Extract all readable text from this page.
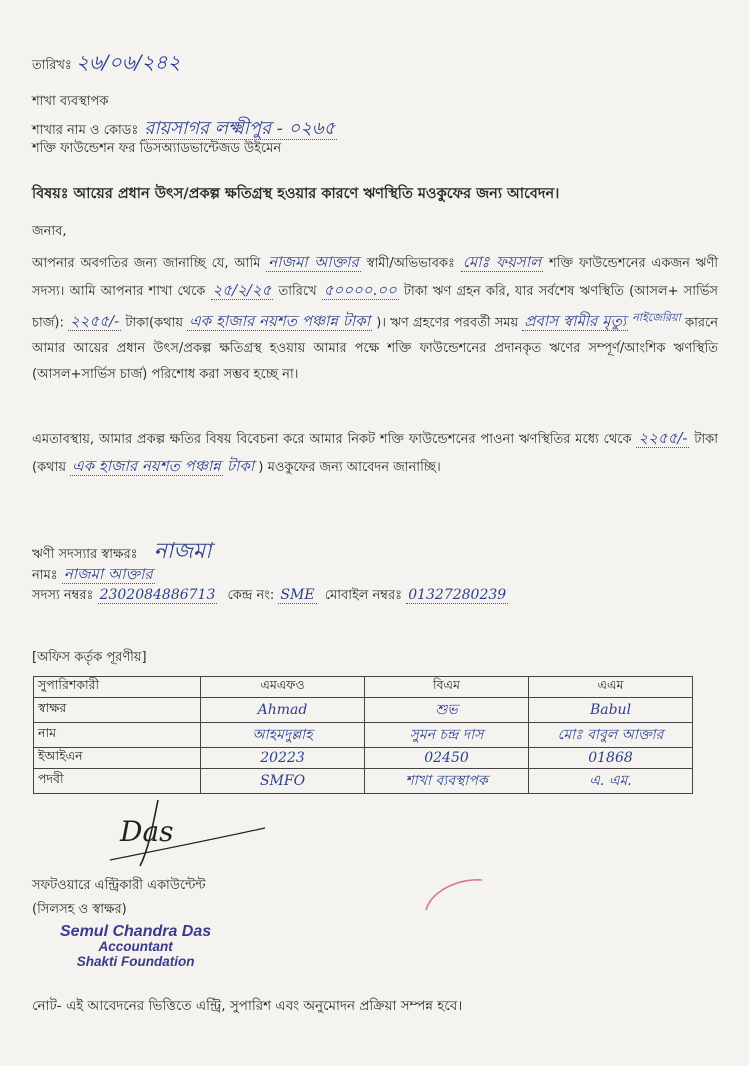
তারিখঃ ২৬/০৬/২৪২
শাখা ব্যবস্থাপক
শাখার নাম ও কোডঃ রায়সাগর লক্ষ্মীপুর - ০২৬৫
শক্তি ফাউন্ডেশন ফর ডিসঅ্যাডভান্টেজড উইমেন
বিষয়ঃ আয়ের প্রধান উৎস/প্রকল্প ক্ষতিগ্রস্থ হওয়ার কারণে ঋণস্থিতি মওকুফের জন্য আবেদন।
জনাব,
আপনার অবগতির জন্য জানাচ্ছি যে, আমি নাজমা আক্তার স্বামী/অভিভাবকঃ মোঃ ফয়সাল শক্তি ফাউন্ডেশনের একজন ঋণী সদস্য। আমি আপনার শাখা থেকে ২৫/২/২৫ তারিখে ৫০০০০.০০ টাকা ঋণ গ্রহন করি, যার সর্বশেষ ঋণস্থিতি (আসল+ সার্ভিস চার্জ): ২২৫৫/- টাকা(কথায় এক হাজার নয়শত পঞ্চান্ন টাকা )। ঋণ গ্রহণের পরবর্তী সময় প্রবাস স্বামীর মৃত্যু $^{নাইজেরিয়া}$ কারনে আমার আয়ের প্রধান উৎস/প্রকল্প ক্ষতিগ্রস্থ হওয়ায় আমার পক্ষে শক্তি ফাউন্ডেশনের প্রদানকৃত ঋণের সম্পূর্ণ/আংশিক ঋণস্থিতি (আসল+সার্ভিস চার্জ) পরিশোধ করা সম্ভব হচ্ছে না।
এমতাবস্থায়, আমার প্রকল্প ক্ষতির বিষয় বিবেচনা করে আমার নিকট শক্তি ফাউন্ডেশনের পাওনা ঋণস্থিতির মধ্যে থেকে ২২৫৫/- টাকা (কথায় এক হাজার নয়শত পঞ্চান্ন টাকা ) মওকুফের জন্য আবেদন জানাচ্ছি।
ঋণী সদস্যার স্বাক্ষরঃ নাজমা
নামঃ নাজমা আক্তার
সদস্য নম্বরঃ 2302084886713 কেন্দ্র নং: SME মোবাইল নম্বরঃ 01327280239
[অফিস কর্তৃক পূরণীয়]
সুপারিশকারী	এমএফও	বিএম	এএম
স্বাক্ষর	Ahmad	শুভ	Babul
নাম	আহমদুল্লাহ	সুমন চন্দ্র দাস	মোঃ বাবুল আক্তার
ইআইএন	20223	02450	01868
পদবী	SMFO	শাখা ব্যবস্থাপক	এ. এম.
Das
সফটওয়ারে এন্ট্রিকারী একাউন্টেন্ট
(সিলসহ ও স্বাক্ষর)
Semul Chandra Das
Accountant
Shakti Foundation
নোট- এই আবেদনের ভিত্তিতে এন্ট্রি, সুপারিশ এবং অনুমোদন প্রক্রিয়া সম্পন্ন হবে।
